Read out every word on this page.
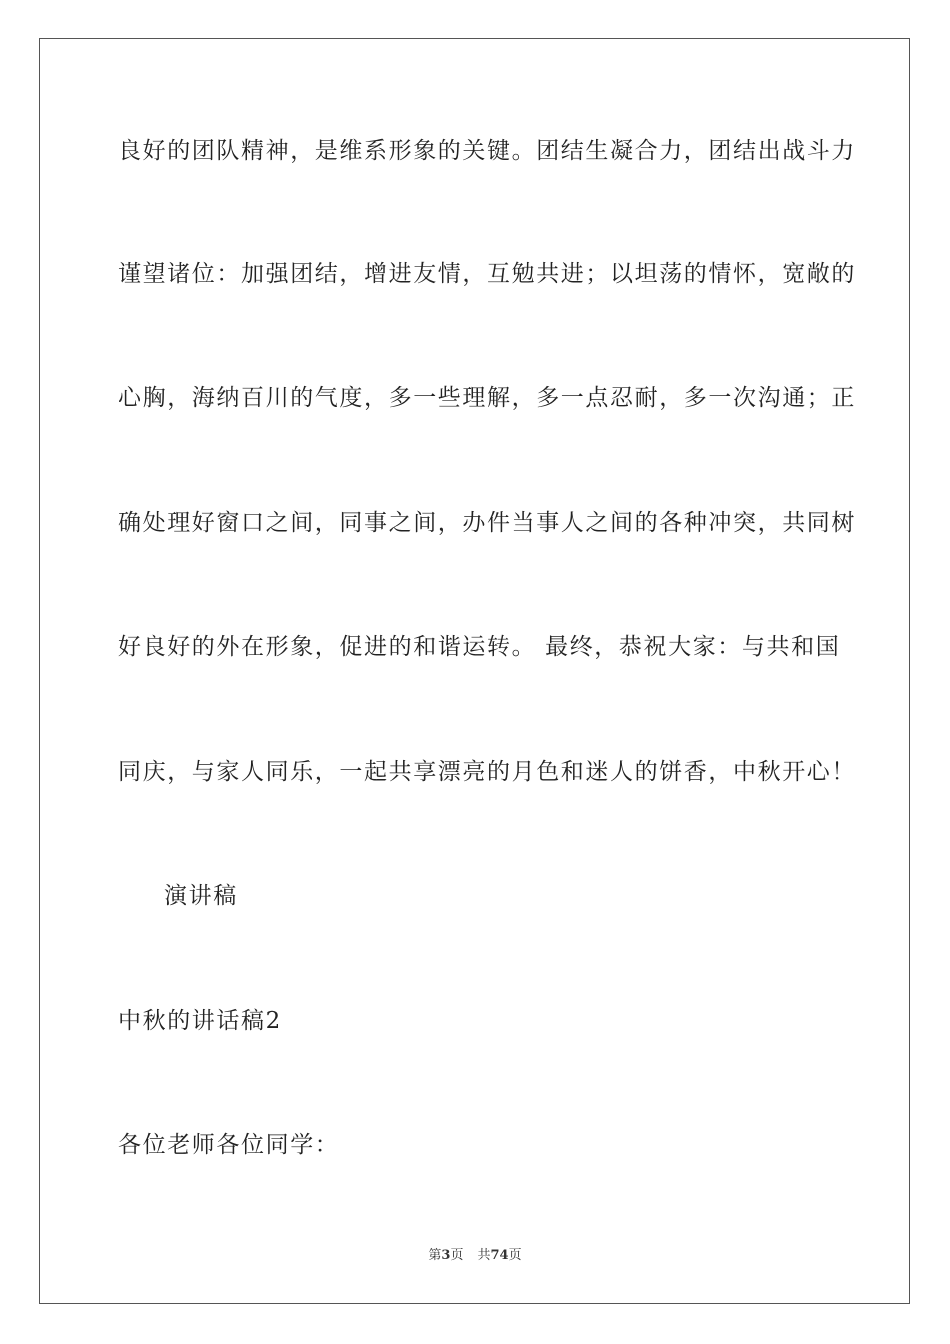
良好的团队精神，是维系形象的关键。团结生凝合力，团结出战斗力
谨望诸位：加强团结，增进友情，互勉共进；以坦荡的情怀，宽敞的
心胸，海纳百川的气度，多一些理解，多一点忍耐，多一次沟通；正
确处理好窗口之间，同事之间，办件当事人之间的各种冲突，共同树
好良好的外在形象，促进的和谐运转。 最终，恭祝大家：与共和国
同庆，与家人同乐，一起共享漂亮的月色和迷人的饼香，中秋开心！
演讲稿
中秋的讲话稿2
各位老师各位同学：
第3页 共74页
